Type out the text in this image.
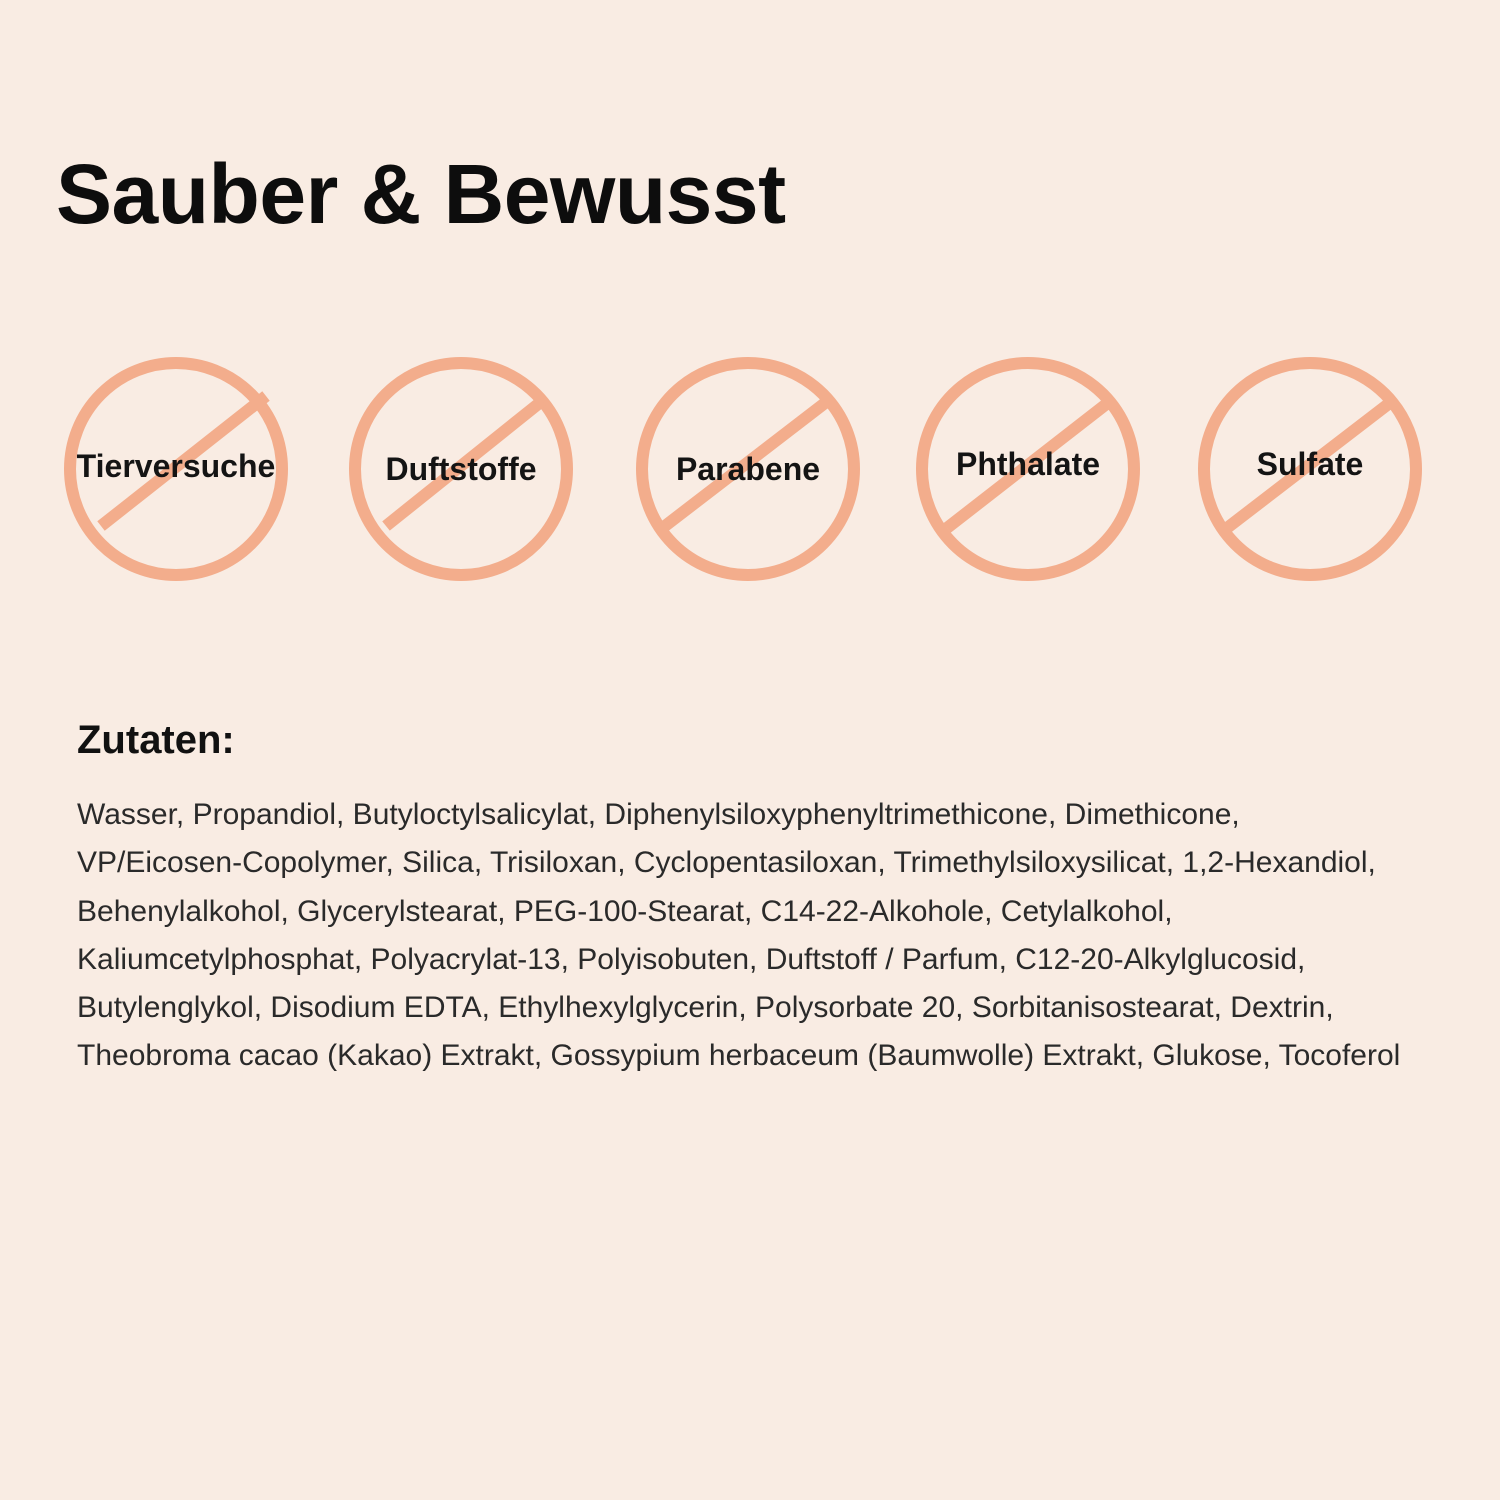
Sauber & Bewusst
Tierversuche	Duftstoffe	Parabene	Phthalate	Sulfate
Zutaten:

Wasser, Propandiol, Butyloctylsalicylat, Diphenylsiloxyphenyltrimethicone, Dimethicone, VP/Eicosen-Copolymer, Silica, Trisiloxan, Cyclopentasiloxan, Trimethylsiloxysilicat, 1,2-Hexandiol, Behenylalkohol, Glycerylstearat, PEG-100-Stearat, C14-22-Alkohole, Cetylalkohol, Kaliumcetylphosphat, Polyacrylat-13, Polyisobuten, Duftstoff / Parfum, C12-20-Alkylglucosid, Butylenglykol, Disodium EDTA, Ethylhexylglycerin, Polysorbate 20, Sorbitanisostearat, Dextrin, Theobroma cacao (Kakao) Extrakt, Gossypium herbaceum (Baumwolle) Extrakt, Glukose, Tocoferol
